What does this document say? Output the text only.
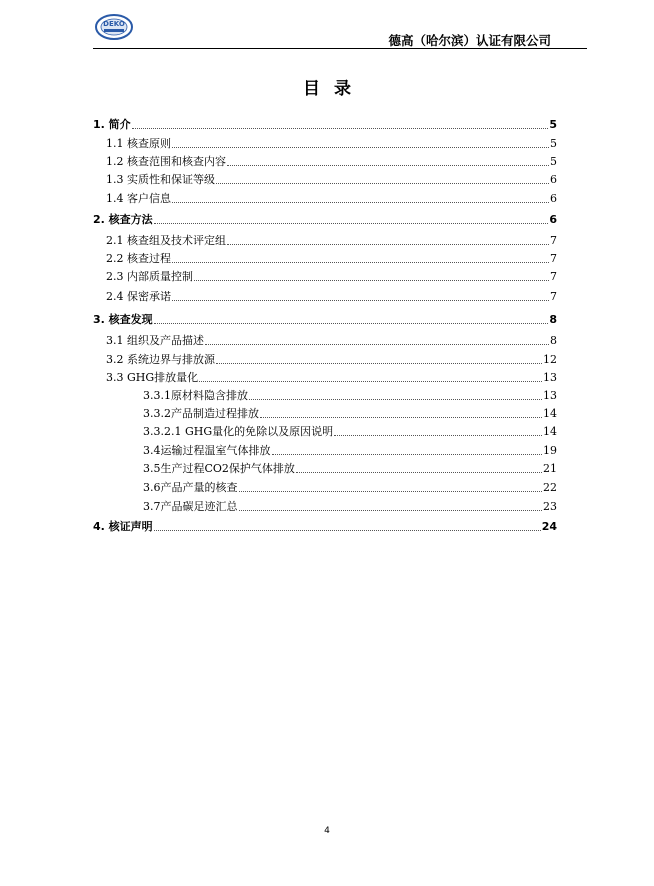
DEKO
德高（哈尔滨）认证有限公司
目录
1. 简介	5
1.1 核查原则	5
1.2 核查范围和核查内容	5
1.3 实质性和保证等级	6
1.4 客户信息	6
2. 核查方法	6
2.1 核查组及技术评定组	7
2.2 核查过程	7
2.3 内部质量控制	7
2.4 保密承诺	7
3. 核查发现	8
3.1 组织及产品描述	8
3.2 系统边界与排放源	12
3.3 GHG排放量化	13
3.3.1原材料隐含排放	13
3.3.2产品制造过程排放	14
3.3.2.1 GHG量化的免除以及原因说明	14
3.4运输过程温室气体排放	19
3.5生产过程CO2保护气体排放	21
3.6产品产量的核查	22
3.7产品碳足迹汇总	23
4. 核证声明	24
4
